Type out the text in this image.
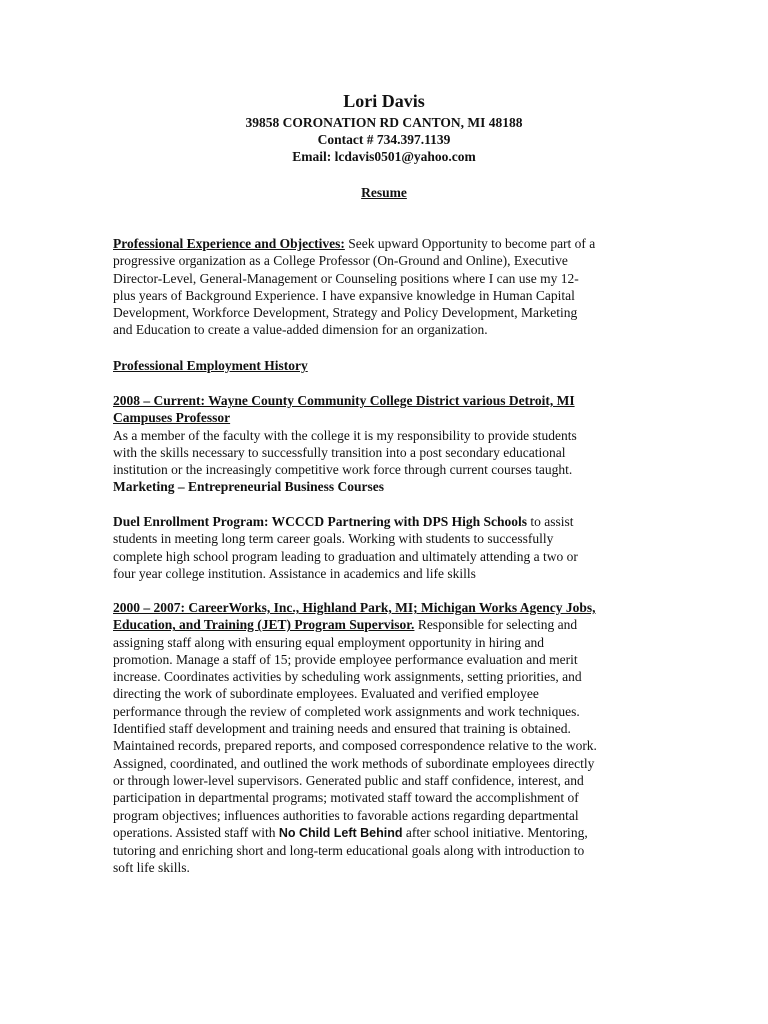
Lori Davis
39858 CORONATION RD CANTON, MI 48188
Contact # 734.397.1139
Email: lcdavis0501@yahoo.com
Resume
Professional Experience and Objectives: Seek upward Opportunity to become part of a
progressive organization as a College Professor (On-Ground and Online), Executive
Director-Level, General-Management or Counseling positions where I can use my 12-
plus years of Background Experience. I have expansive knowledge in Human Capital
Development, Workforce Development, Strategy and Policy Development, Marketing
and Education to create a value-added dimension for an organization.
Professional Employment History
2008 – Current: Wayne County Community College District various Detroit, MI
Campuses Professor
As a member of the faculty with the college it is my responsibility to provide students
with the skills necessary to successfully transition into a post secondary educational
institution or the increasingly competitive work force through current courses taught.
Marketing – Entrepreneurial Business Courses
Duel Enrollment Program: WCCCD Partnering with DPS High Schools to assist
students in meeting long term career goals. Working with students to successfully
complete high school program leading to graduation and ultimately attending a two or
four year college institution. Assistance in academics and life skills
2000 – 2007: CareerWorks, Inc., Highland Park, MI; Michigan Works Agency Jobs,
Education, and Training (JET) Program Supervisor. Responsible for selecting and
assigning staff along with ensuring equal employment opportunity in hiring and
promotion. Manage a staff of 15; provide employee performance evaluation and merit
increase. Coordinates activities by scheduling work assignments, setting priorities, and
directing the work of subordinate employees. Evaluated and verified employee
performance through the review of completed work assignments and work techniques.
Identified staff development and training needs and ensured that training is obtained.
Maintained records, prepared reports, and composed correspondence relative to the work.
Assigned, coordinated, and outlined the work methods of subordinate employees directly
or through lower-level supervisors. Generated public and staff confidence, interest, and
participation in departmental programs; motivated staff toward the accomplishment of
program objectives; influences authorities to favorable actions regarding departmental
operations. Assisted staff with No Child Left Behind after school initiative. Mentoring,
tutoring and enriching short and long-term educational goals along with introduction to
soft life skills.
